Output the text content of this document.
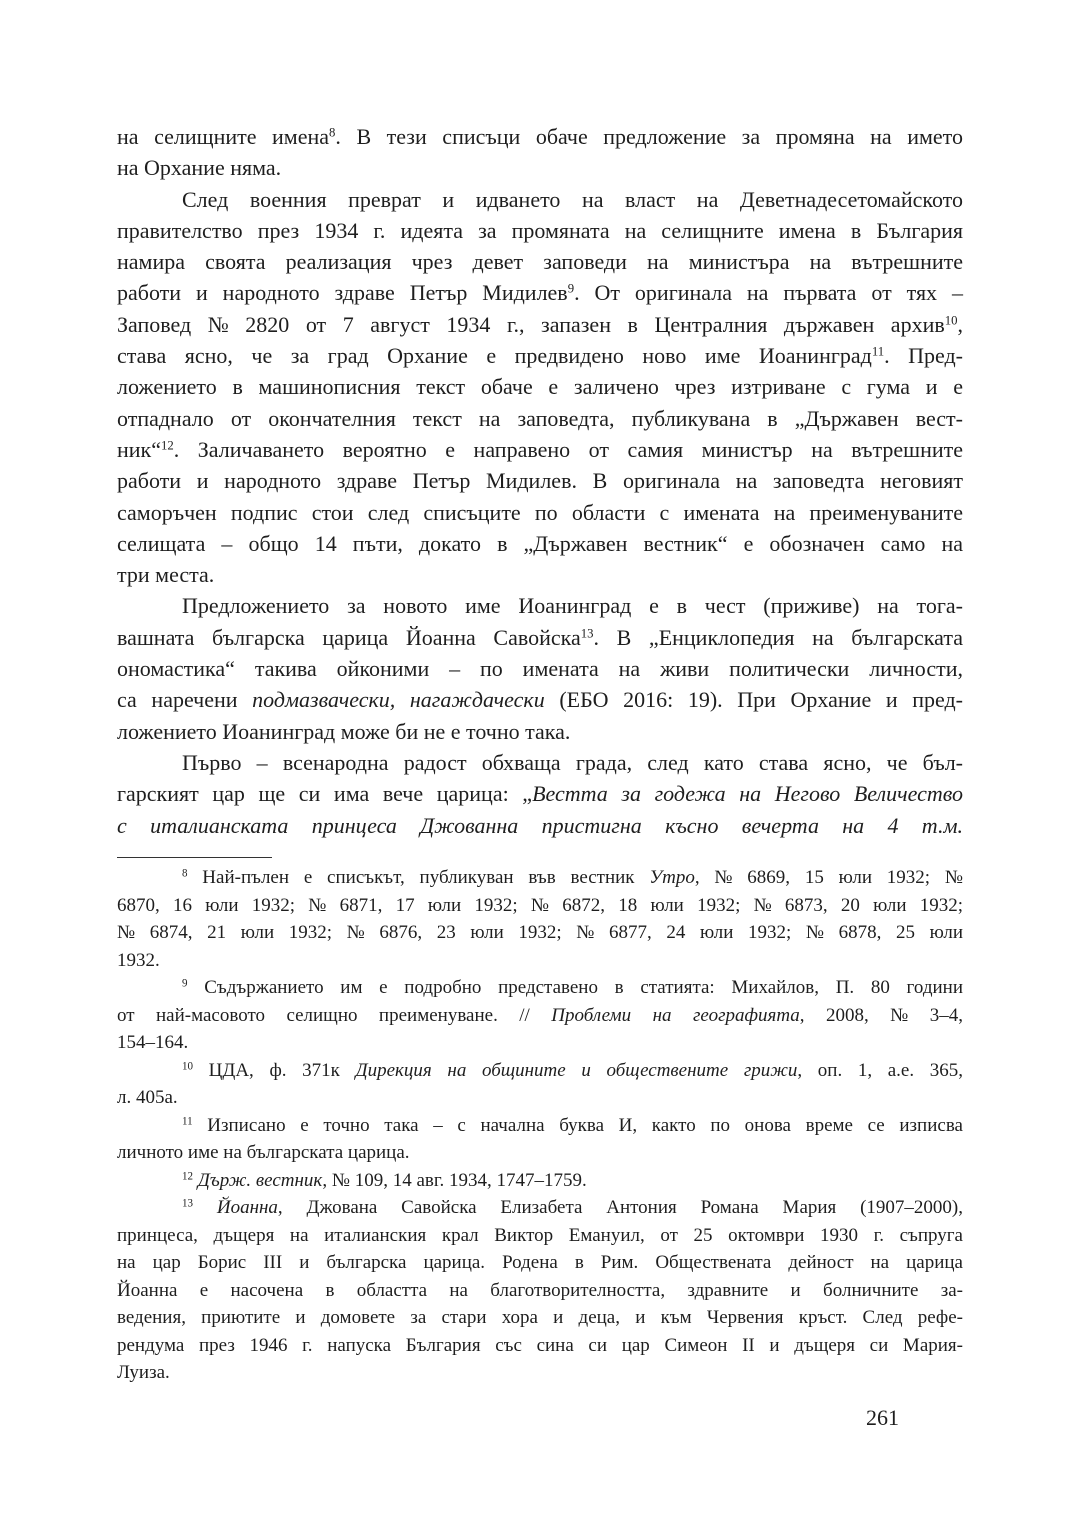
на селищните имена$^8$. В тези списъци обаче предложение за промяна на името
на Орхание няма.
След военния преврат и идването на власт на Деветнадесетомайското
правителство през 1934 г. идеята за промяната на селищните имена в България
намира своята реализация чрез девет заповеди на министъра на вътрешните
работи и народното здраве Петър Мидилев$^9$. От оригинала на първата от тях –
Заповед № 2820 от 7 август 1934 г., запазен в Централния държавен архив$^{10}$,
става ясно, че за град Орхание е предвидено ново име Иоанинград$^{11}$. Пред-
ложението в машинописния текст обаче е заличено чрез изтриване с гума и е
отпаднало от окончателния текст на заповедта, публикувана в „Държавен вест-
ник“$^{12}$. Заличаването вероятно е направено от самия министър на вътрешните
работи и народното здраве Петър Мидилев. В оригинала на заповедта неговият
саморъчен подпис стои след списъците по области с имената на преименуваните
селищата – общо 14 пъти, докато в „Държавен вестник“ е обозначен само на
три места.
Предложението за новото име Иоанинград е в чест (приживе) на тога-
вашната българска царица Йоанна Савойска$^{13}$. В „Енциклопедия на българската
ономастика“ такива ойконими – по имената на живи политически личности,
са наречени подмазвачески, нагаждачески (ЕБО 2016: 19). При Орхание и пред-
ложението Иоанинград може би не е точно така.
Първо – всенародна радост обхваща града, след като става ясно, че бъл-
гарският цар ще си има вече царица: „Вестта за годежа на Негово Величество
с италианската принцеса Джованна пристигна късно вечерта на 4 т.м.
$^8$ Най-пълен е списъкът, публикуван във вестник Утро, № 6869, 15 юли 1932; №
6870, 16 юли 1932; № 6871, 17 юли 1932; № 6872, 18 юли 1932; № 6873, 20 юли 1932;
№ 6874, 21 юли 1932; № 6876, 23 юли 1932; № 6877, 24 юли 1932; № 6878, 25 юли
1932.
$^9$ Съдържанието им е подробно представено в статията: Михайлов, П. 80 години
от най-масовото селищно преименуване. // Проблеми на географията, 2008, № 3–4,
154–164.
$^{10}$ ЦДА, ф. 371к Дирекция на общините и обществените грижи, оп. 1, а.е. 365,
л. 405а.
$^{11}$ Изписано е точно така – с начална буква И, както по онова време се изписва
личното име на българската царица.
$^{12}$ Държ. вестник, № 109, 14 авг. 1934, 1747–1759.
$^{13}$ Йоанна, Джована Савойска Елизабета Антония Романа Мария (1907–2000),
принцеса, дъщеря на италианския крал Виктор Емануил, от 25 октомври 1930 г. съпруга
на цар Борис III и българска царица. Родена в Рим. Обществената дейност на царица
Йоанна е насочена в областта на благотворителността, здравните и болничните за-
ведения, приютите и домовете за стари хора и деца, и към Червения кръст. След рефе-
рендума през 1946 г. напуска България със сина си цар Симеон II и дъщеря си Мария-
Луиза.
261
